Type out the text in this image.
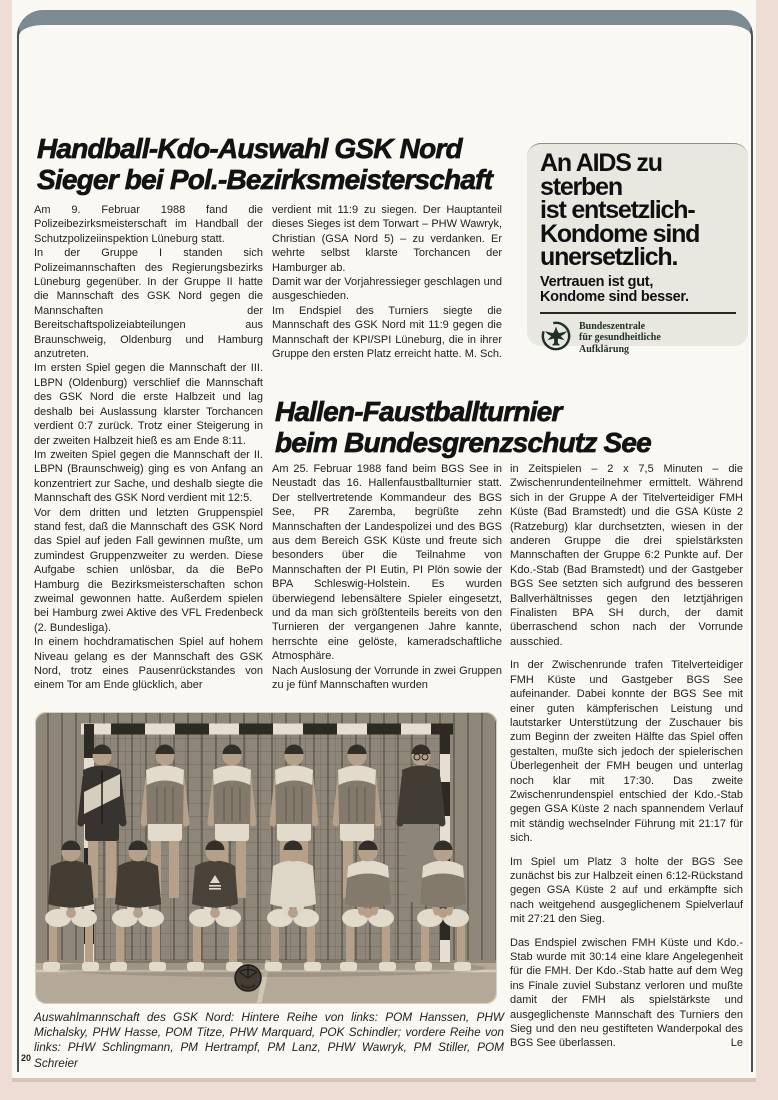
Handball-Kdo-Auswahl GSK Nord
Sieger bei Pol.-Bezirksmeisterschaft

Am 9. Februar 1988 fand die Polizeibezirksmeisterschaft im Handball der Schutzpolizeiinspektion Lüneburg statt.

In der Gruppe I standen sich Polizeimannschaften des Regierungsbezirks Lüneburg gegenüber. In der Gruppe II hatte die Mannschaft des GSK Nord gegen die Mannschaften der Bereitschaftspolizeiabteilungen aus Braunschweig, Oldenburg und Hamburg anzutreten.

Im ersten Spiel gegen die Mannschaft der III. LBPN (Oldenburg) verschlief die Mannschaft des GSK Nord die erste Halbzeit und lag deshalb bei Auslassung klarster Torchancen verdient 0:7 zurück. Trotz einer Steigerung in der zweiten Halbzeit hieß es am Ende 8:11.

Im zweiten Spiel gegen die Mannschaft der II. LBPN (Braunschweig) ging es von Anfang an konzentriert zur Sache, und deshalb siegte die Mannschaft des GSK Nord verdient mit 12:5.

Vor dem dritten und letzten Gruppenspiel stand fest, daß die Mannschaft des GSK Nord das Spiel auf jeden Fall gewinnen mußte, um zumindest Gruppenzweiter zu werden. Diese Aufgabe schien unlösbar, da die BePo Hamburg die Bezirksmeisterschaften schon zweimal gewonnen hatte. Außerdem spielen bei Hamburg zwei Aktive des VFL Fredenbeck (2. Bundesliga).

In einem hochdramatischen Spiel auf hohem Niveau gelang es der Mannschaft des GSK Nord, trotz eines Pausenrückstandes von einem Tor am Ende glücklich, aber

verdient mit 11:9 zu siegen. Der Hauptanteil dieses Sieges ist dem Torwart – PHW Wawryk, Christian (GSA Nord 5) – zu verdanken. Er wehrte selbst klarste Torchancen der Hamburger ab.

Damit war der Vorjahressieger geschlagen und ausgeschieden.

Im Endspiel des Turniers siegte die Mannschaft des GSK Nord mit 11:9 gegen die Mannschaft der KPI/SPI Lüneburg, die in ihrer Gruppe den ersten Platz erreicht hatte. M. Sch.
An AIDS zu
sterben
ist entsetzlich-
Kondome sind
unersetzlich.
Vertrauen ist gut,
Kondome sind besser.
Bundeszentrale
für gesundheitliche
Aufklärung
Hallen-Faustballturnier
beim Bundesgrenzschutz See

Am 25. Februar 1988 fand beim BGS See in Neustadt das 16. Hallenfaustballturnier statt. Der stellvertretende Kommandeur des BGS See, PR Zaremba, begrüßte zehn Mannschaften der Landespolizei und des BGS aus dem Bereich GSK Küste und freute sich besonders über die Teilnahme von Mannschaften der PI Eutin, PI Plön sowie der BPA Schleswig-Holstein. Es wurden überwiegend lebensältere Spieler eingesetzt, und da man sich größtenteils bereits von den Turnieren der vergangenen Jahre kannte, herrschte eine gelöste, kameradschaftliche Atmosphäre.

Nach Auslosung der Vorrunde in zwei Gruppen zu je fünf Mannschaften wurden

in Zeitspielen – 2 x 7,5 Minuten – die Zwischenrundenteilnehmer ermittelt. Während sich in der Gruppe A der Titelverteidiger FMH Küste (Bad Bramstedt) und die GSA Küste 2 (Ratzeburg) klar durchsetzten, wiesen in der anderen Gruppe die drei spielstärksten Mannschaften der Gruppe 6:2 Punkte auf. Der Kdo.-Stab (Bad Bramstedt) und der Gastgeber BGS See setzten sich aufgrund des besseren Ballverhältnisses gegen den letztjährigen Finalisten BPA SH durch, der damit überraschend schon nach der Vorrunde ausschied.

In der Zwischenrunde trafen Titelverteidiger FMH Küste und Gastgeber BGS See aufeinander. Dabei konnte der BGS See mit einer guten kämpferischen Leistung und lautstarker Unterstützung der Zuschauer bis zum Beginn der zweiten Hälfte das Spiel offen gestalten, mußte sich jedoch der spielerischen Überlegenheit der FMH beugen und unterlag noch klar mit 17:30. Das zweite Zwischenrundenspiel entschied der Kdo.-Stab gegen GSA Küste 2 nach spannendem Verlauf mit ständig wechselnder Führung mit 21:17 für sich.

Im Spiel um Platz 3 holte der BGS See zunächst bis zur Halbzeit einen 6:12-Rückstand gegen GSA Küste 2 auf und erkämpfte sich nach weitgehend ausgeglichenem Spielverlauf mit 27:21 den Sieg.

Das Endspiel zwischen FMH Küste und Kdo.-Stab wurde mit 30:14 eine klare Angelegenheit für die FMH. Der Kdo.-Stab hatte auf dem Weg ins Finale zuviel Substanz verloren und mußte damit der FMH als spielstärkste und ausgeglichenste Mannschaft des Turniers den Sieg und den neu gestifteten Wanderpokal des BGS See überlassen.	Le
Auswahlmannschaft des GSK Nord: Hintere Reihe von links: POM Hanssen, PHW Michalsky, PHW Hasse, POM Titze, PHW Marquard, POK Schindler; vordere Reihe von links: PHW Schlingmann, PM Hertrampf, PM Lanz, PHW Wawryk, PM Stiller, POM Schreier
20
